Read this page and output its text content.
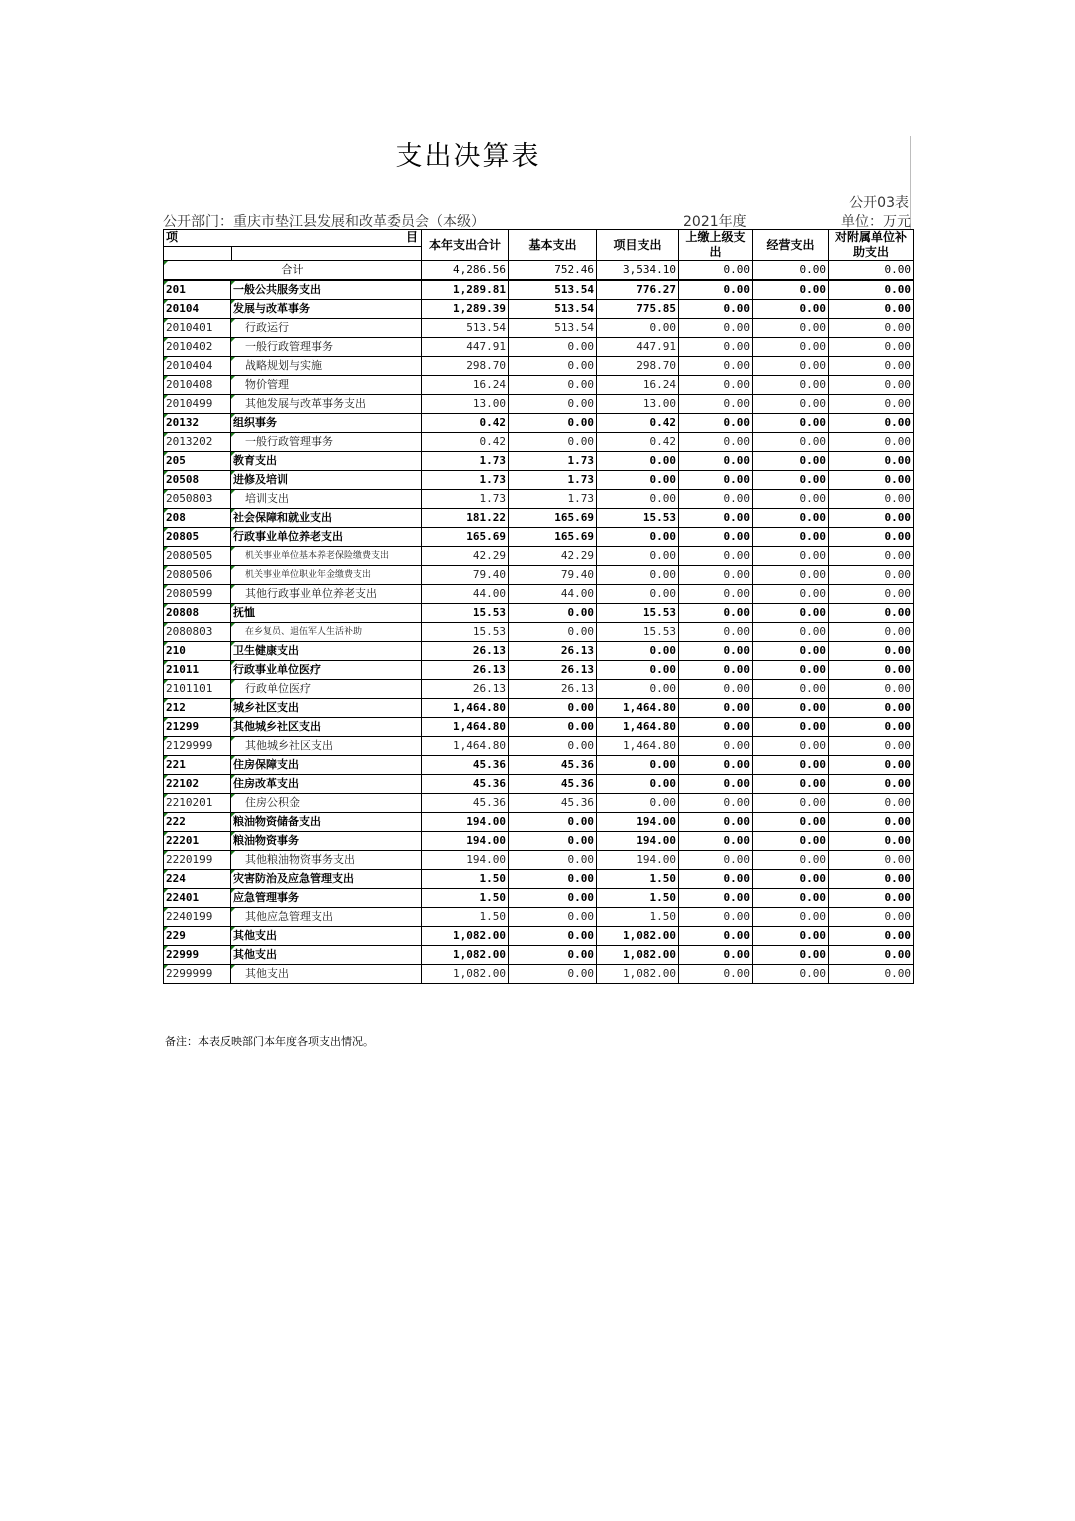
支出决算表
公开03表
公开部门：重庆市垫江县发展和改革委员会（本级）	2021年度	单位：万元
项 目		本年支出合计	基本支出	项目支出	上缴上级支出	经营支出	对附属单位补助支出
合计		4,286.56	752.46	3,534.10	0.00	0.00	0.00
201	一般公共服务支出	1,289.81	513.54	776.27	0.00	0.00	0.00
20104	发展与改革事务	1,289.39	513.54	775.85	0.00	0.00	0.00
2010401	行政运行	513.54	513.54	0.00	0.00	0.00	0.00
2010402	一般行政管理事务	447.91	0.00	447.91	0.00	0.00	0.00
2010404	战略规划与实施	298.70	0.00	298.70	0.00	0.00	0.00
2010408	物价管理	16.24	0.00	16.24	0.00	0.00	0.00
2010499	其他发展与改革事务支出	13.00	0.00	13.00	0.00	0.00	0.00
20132	组织事务	0.42	0.00	0.42	0.00	0.00	0.00
2013202	一般行政管理事务	0.42	0.00	0.42	0.00	0.00	0.00
205	教育支出	1.73	1.73	0.00	0.00	0.00	0.00
20508	进修及培训	1.73	1.73	0.00	0.00	0.00	0.00
2050803	培训支出	1.73	1.73	0.00	0.00	0.00	0.00
208	社会保障和就业支出	181.22	165.69	15.53	0.00	0.00	0.00
20805	行政事业单位养老支出	165.69	165.69	0.00	0.00	0.00	0.00
2080505	机关事业单位基本养老保险缴费支出	42.29	42.29	0.00	0.00	0.00	0.00
2080506	机关事业单位职业年金缴费支出	79.40	79.40	0.00	0.00	0.00	0.00
2080599	其他行政事业单位养老支出	44.00	44.00	0.00	0.00	0.00	0.00
20808	抚恤	15.53	0.00	15.53	0.00	0.00	0.00
2080803	在乡复员、退伍军人生活补助	15.53	0.00	15.53	0.00	0.00	0.00
210	卫生健康支出	26.13	26.13	0.00	0.00	0.00	0.00
21011	行政事业单位医疗	26.13	26.13	0.00	0.00	0.00	0.00
2101101	行政单位医疗	26.13	26.13	0.00	0.00	0.00	0.00
212	城乡社区支出	1,464.80	0.00	1,464.80	0.00	0.00	0.00
21299	其他城乡社区支出	1,464.80	0.00	1,464.80	0.00	0.00	0.00
2129999	其他城乡社区支出	1,464.80	0.00	1,464.80	0.00	0.00	0.00
221	住房保障支出	45.36	45.36	0.00	0.00	0.00	0.00
22102	住房改革支出	45.36	45.36	0.00	0.00	0.00	0.00
2210201	住房公积金	45.36	45.36	0.00	0.00	0.00	0.00
222	粮油物资储备支出	194.00	0.00	194.00	0.00	0.00	0.00
22201	粮油物资事务	194.00	0.00	194.00	0.00	0.00	0.00
2220199	其他粮油物资事务支出	194.00	0.00	194.00	0.00	0.00	0.00
224	灾害防治及应急管理支出	1.50	0.00	1.50	0.00	0.00	0.00
22401	应急管理事务	1.50	0.00	1.50	0.00	0.00	0.00
2240199	其他应急管理支出	1.50	0.00	1.50	0.00	0.00	0.00
229	其他支出	1,082.00	0.00	1,082.00	0.00	0.00	0.00
22999	其他支出	1,082.00	0.00	1,082.00	0.00	0.00	0.00
2299999	其他支出	1,082.00	0.00	1,082.00	0.00	0.00	0.00
备注：本表反映部门本年度各项支出情况。
